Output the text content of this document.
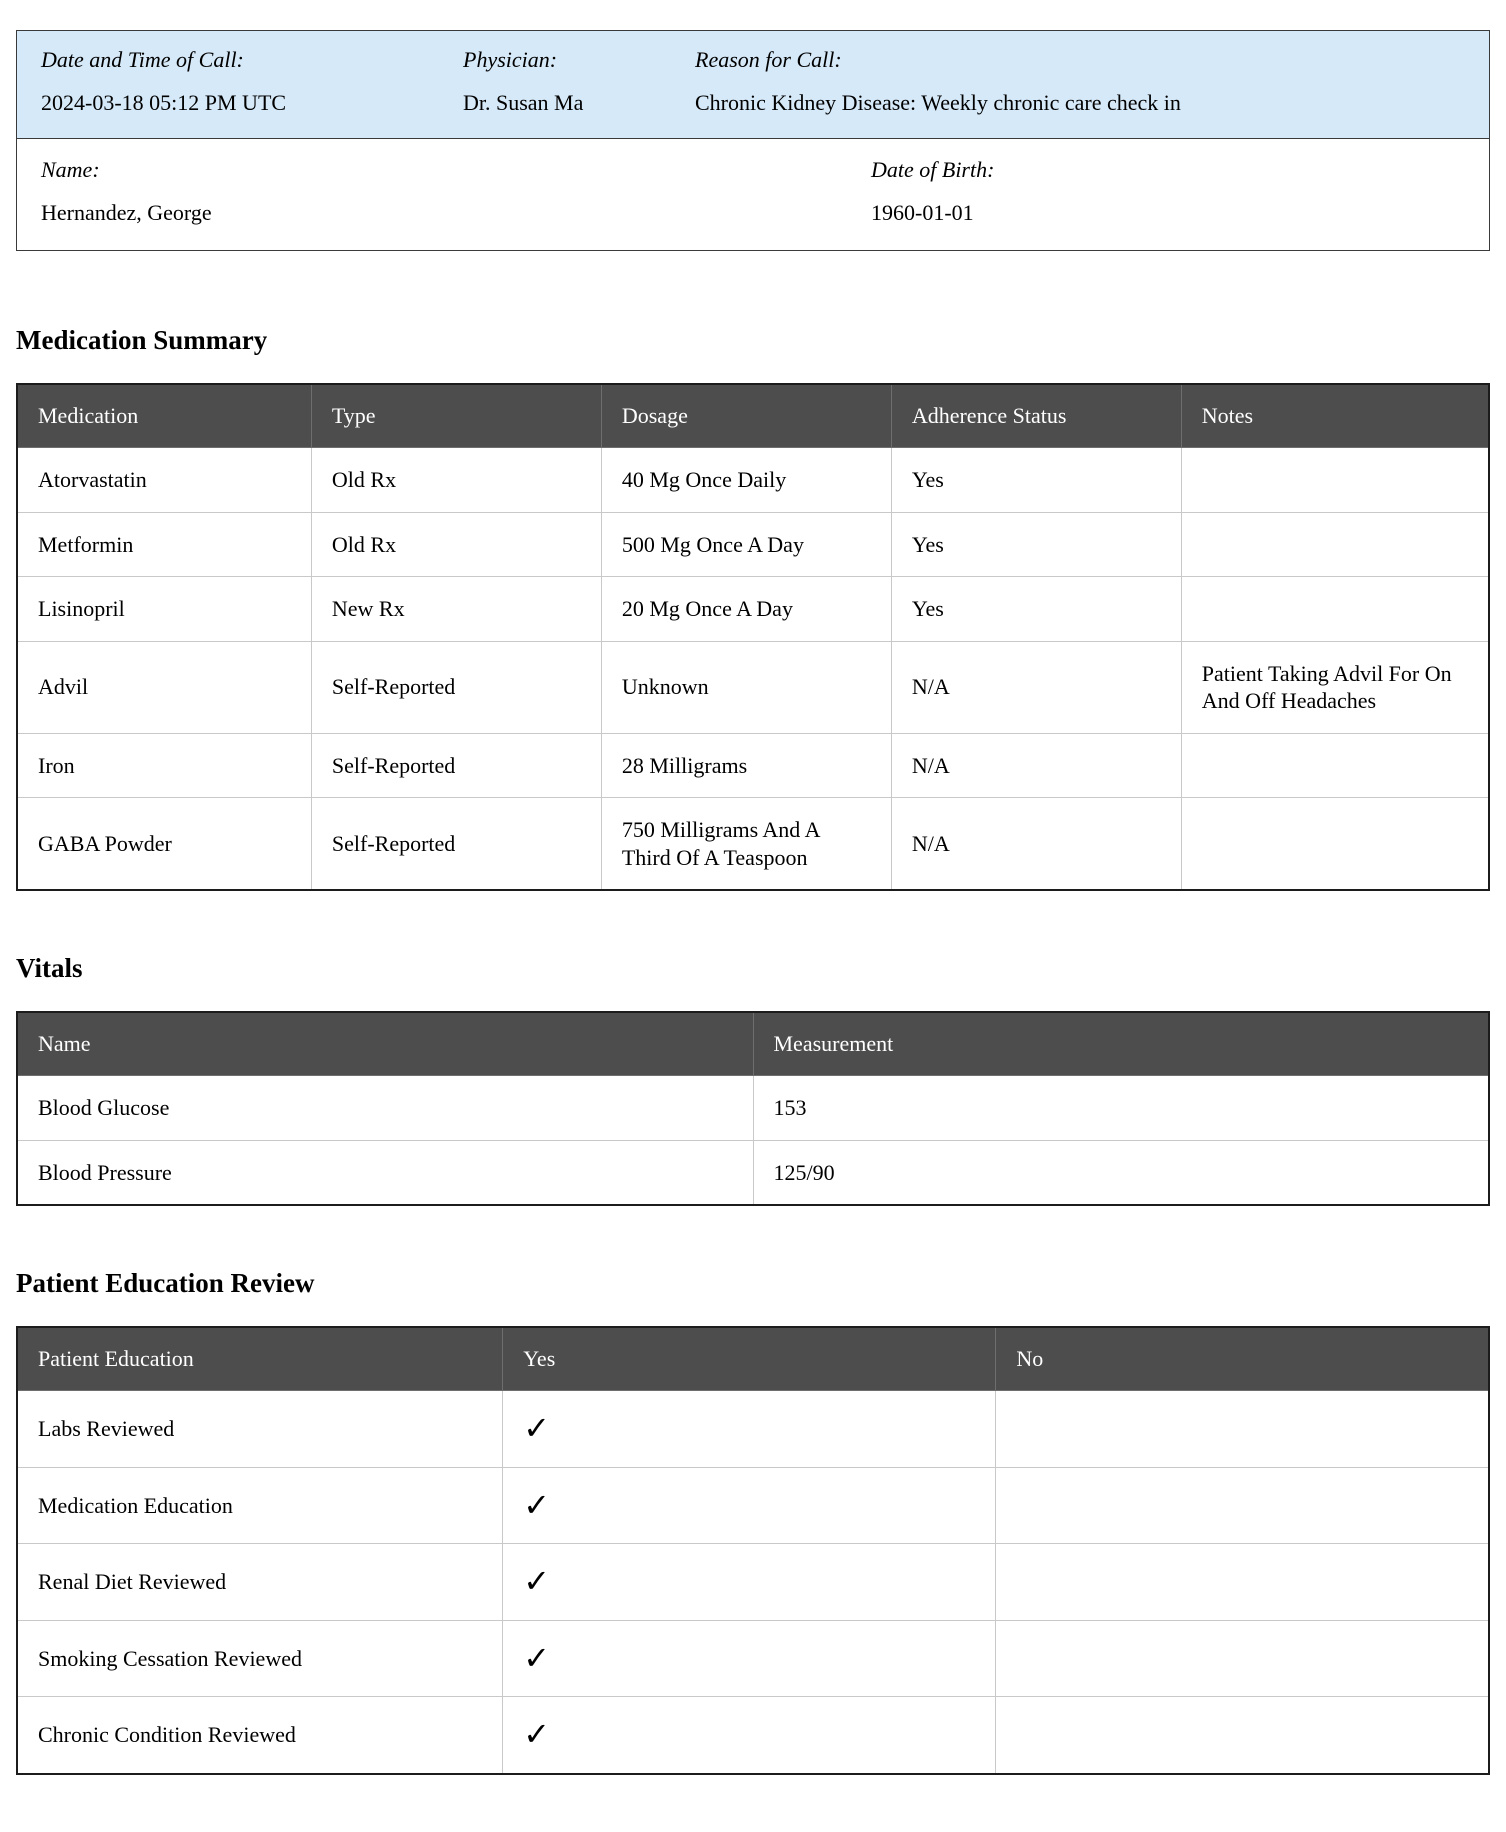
Date and Time of Call:
2024-03-18 05:12 PM UTC
Physician:
Dr. Susan Ma
Reason for Call:
Chronic Kidney Disease: Weekly chronic care check in
Name:
Hernandez, George
Date of Birth:
1960-01-01
Medication Summary
Medication	Type	Dosage	Adherence Status	Notes
Atorvastatin	Old Rx	40 Mg Once Daily	Yes	
Metformin	Old Rx	500 Mg Once A Day	Yes	
Lisinopril	New Rx	20 Mg Once A Day	Yes	
Advil	Self-Reported	Unknown	N/A	Patient Taking Advil For On And Off Headaches
Iron	Self-Reported	28 Milligrams	N/A	
GABA Powder	Self-Reported	750 Milligrams And A Third Of A Teaspoon	N/A	
Vitals
Name	Measurement
Blood Glucose	153
Blood Pressure	125/90
Patient Education Review
Patient Education	Yes	No
Labs Reviewed	✓	
Medication Education	✓	
Renal Diet Reviewed	✓	
Smoking Cessation Reviewed	✓	
Chronic Condition Reviewed	✓	
